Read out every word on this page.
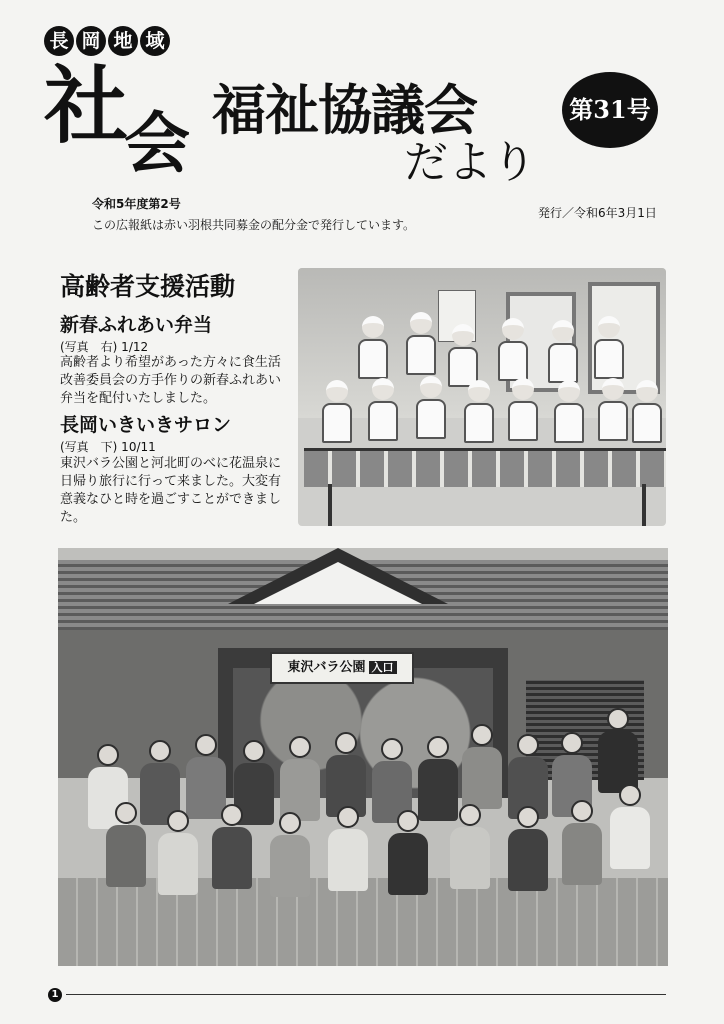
長 岡 地 域
社
会 福祉協議会
だより
第31号
令和5年度第2号
この広報紙は赤い羽根共同募金の配分金で発行しています。
発行／令和6年3月1日
高齢者支援活動
新春ふれあい弁当
(写真　右) 1/12
高齢者より希望があった方々に食生活改善委員会の方手作りの新春ふれあい弁当を配付いたしました。
長岡いきいきサロン
(写真　下) 10/11
東沢バラ公園と河北町のべに花温泉に日帰り旅行に行って来ました。大変有意義なひと時を過ごすことができました。
東沢バラ公園 入口
1
